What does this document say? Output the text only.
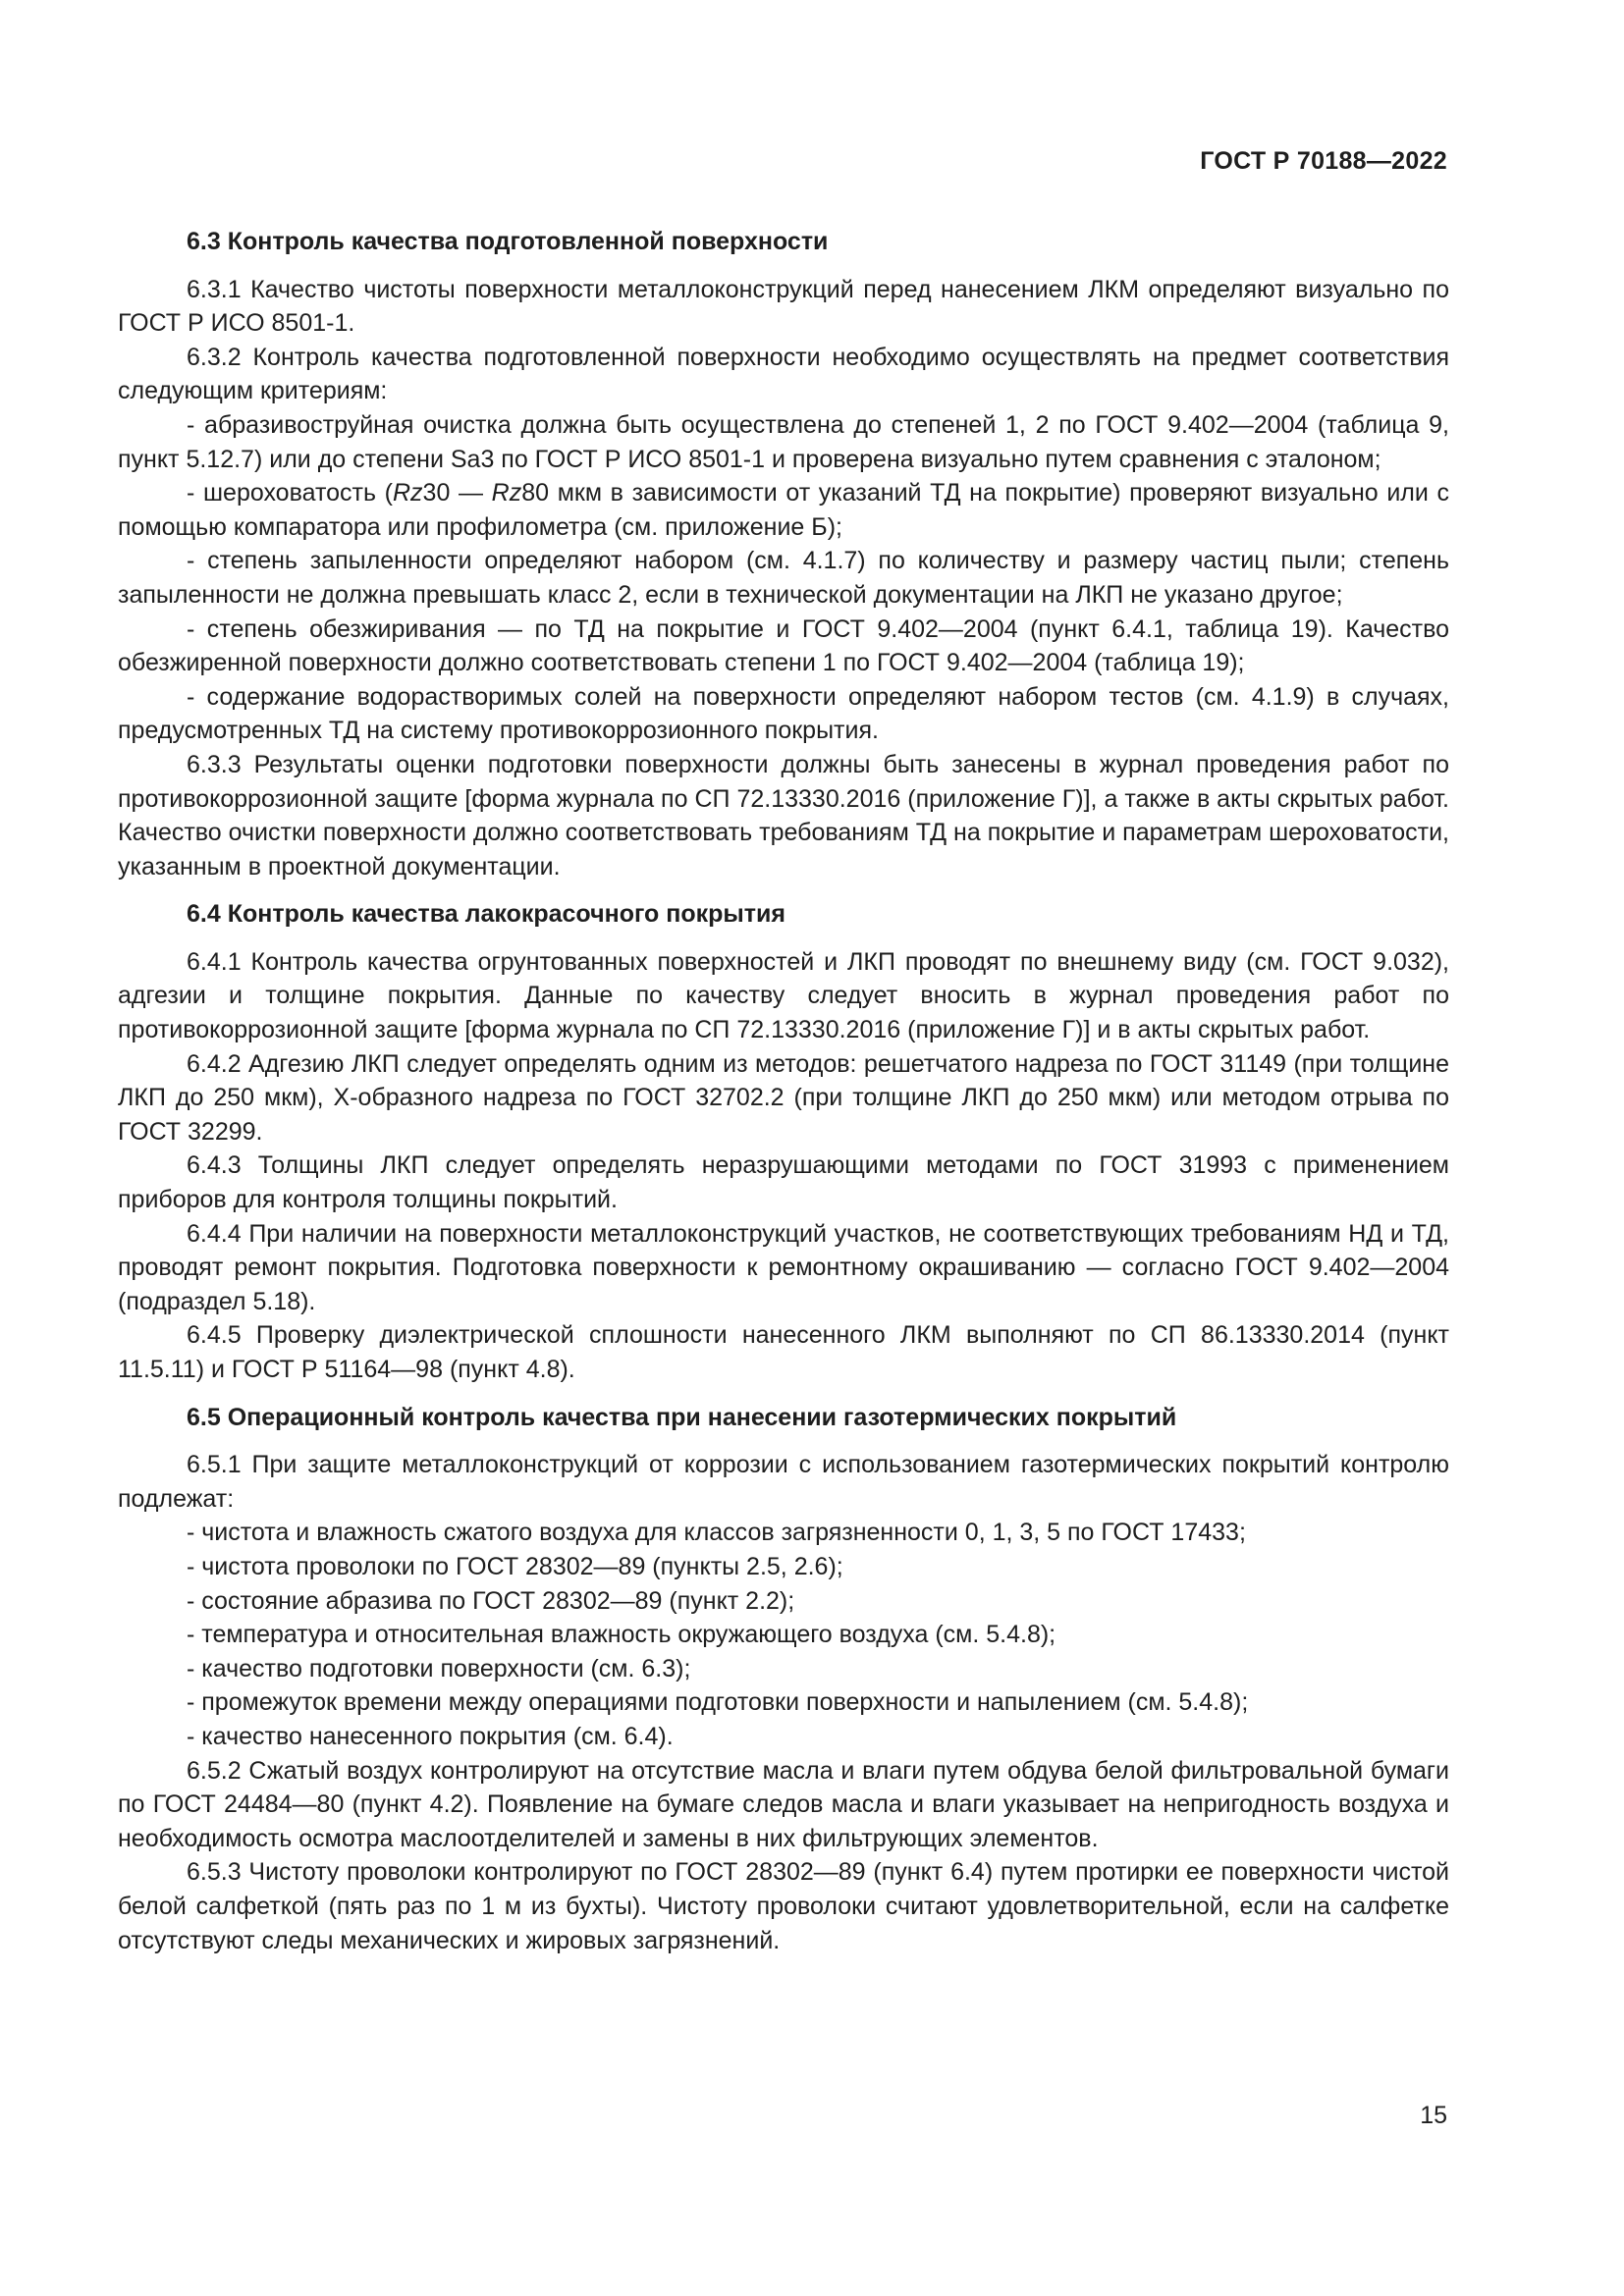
ГОСТ Р 70188—2022

6.3 Контроль качества подготовленной поверхности

6.3.1 Качество чистоты поверхности металлоконструкций перед нанесением ЛКМ определяют визуально по ГОСТ Р ИСО 8501-1.

6.3.2 Контроль качества подготовленной поверхности необходимо осуществлять на предмет соответствия следующим критериям:

- абразивоструйная очистка должна быть осуществлена до степеней 1, 2 по ГОСТ 9.402—2004 (таблица 9, пункт 5.12.7) или до степени Sa3 по ГОСТ Р ИСО 8501-1 и проверена визуально путем сравнения с эталоном;

- шероховатость (Rz30 — Rz80 мкм в зависимости от указаний ТД на покрытие) проверяют визуально или с помощью компаратора или профилометра (см. приложение Б);

- степень запыленности определяют набором (см. 4.1.7) по количеству и размеру частиц пыли; степень запыленности не должна превышать класс 2, если в технической документации на ЛКП не указано другое;

- степень обезжиривания — по ТД на покрытие и ГОСТ 9.402—2004 (пункт 6.4.1, таблица 19). Качество обезжиренной поверхности должно соответствовать степени 1 по ГОСТ 9.402—2004 (таблица 19);

- содержание водорастворимых солей на поверхности определяют набором тестов (см. 4.1.9) в случаях, предусмотренных ТД на систему противокоррозионного покрытия.

6.3.3 Результаты оценки подготовки поверхности должны быть занесены в журнал проведения работ по противокоррозионной защите [форма журнала по СП 72.13330.2016 (приложение Г)], а также в акты скрытых работ. Качество очистки поверхности должно соответствовать требованиям ТД на покрытие и параметрам шероховатости, указанным в проектной документации.

6.4 Контроль качества лакокрасочного покрытия

6.4.1 Контроль качества огрунтованных поверхностей и ЛКП проводят по внешнему виду (см. ГОСТ 9.032), адгезии и толщине покрытия. Данные по качеству следует вносить в журнал проведения работ по противокоррозионной защите [форма журнала по СП 72.13330.2016 (приложение Г)] и в акты скрытых работ.

6.4.2 Адгезию ЛКП следует определять одним из методов: решетчатого надреза по ГОСТ 31149 (при толщине ЛКП до 250 мкм), Х-образного надреза по ГОСТ 32702.2 (при толщине ЛКП до 250 мкм) или методом отрыва по ГОСТ 32299.

6.4.3 Толщины ЛКП следует определять неразрушающими методами по ГОСТ 31993 с применением приборов для контроля толщины покрытий.

6.4.4 При наличии на поверхности металлоконструкций участков, не соответствующих требованиям НД и ТД, проводят ремонт покрытия. Подготовка поверхности к ремонтному окрашиванию — согласно ГОСТ 9.402—2004 (подраздел 5.18).

6.4.5 Проверку диэлектрической сплошности нанесенного ЛКМ выполняют по СП 86.13330.2014 (пункт 11.5.11) и ГОСТ Р 51164—98 (пункт 4.8).

6.5 Операционный контроль качества при нанесении газотермических покрытий

6.5.1 При защите металлоконструкций от коррозии с использованием газотермических покрытий контролю подлежат:

- чистота и влажность сжатого воздуха для классов загрязненности 0, 1, 3, 5 по ГОСТ 17433;

- чистота проволоки по ГОСТ 28302—89 (пункты 2.5, 2.6);

- состояние абразива по ГОСТ 28302—89 (пункт 2.2);

- температура и относительная влажность окружающего воздуха (см. 5.4.8);

- качество подготовки поверхности (см. 6.3);

- промежуток времени между операциями подготовки поверхности и напылением (см. 5.4.8);

- качество нанесенного покрытия (см. 6.4).

6.5.2 Сжатый воздух контролируют на отсутствие масла и влаги путем обдува белой фильтровальной бумаги по ГОСТ 24484—80 (пункт 4.2). Появление на бумаге следов масла и влаги указывает на непригодность воздуха и необходимость осмотра маслоотделителей и замены в них фильтрующих элементов.

6.5.3 Чистоту проволоки контролируют по ГОСТ 28302—89 (пункт 6.4) путем протирки ее поверхности чистой белой салфеткой (пять раз по 1 м из бухты). Чистоту проволоки считают удовлетворительной, если на салфетке отсутствуют следы механических и жировых загрязнений.

15
